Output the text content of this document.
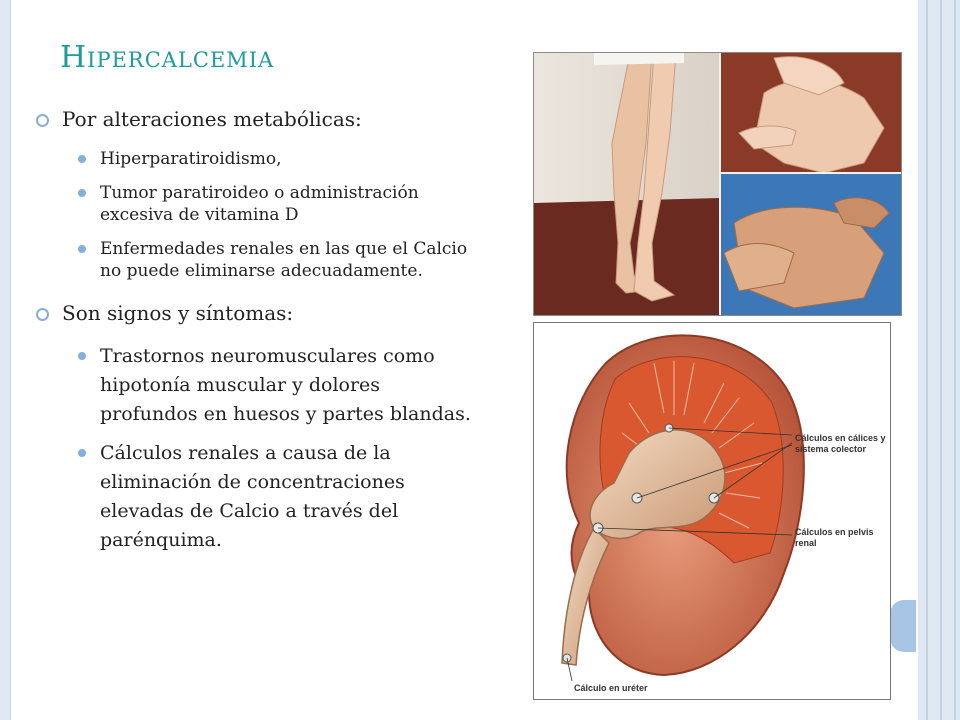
Hipercalcemia
Por alteraciones metabólicas:
Hiperparatiroidismo,
Tumor paratiroideo o administración excesiva de vitamina D
Enfermedades renales en las que el Calcio no puede eliminarse adecuadamente.
Son signos y síntomas:
Trastornos neuromusculares como hipotonía muscular y dolores profundos en huesos y partes blandas.
Cálculos renales a causa de la eliminación de concentraciones elevadas de Calcio a través del parénquima.
Cálculos en cálices y sistema colector
Cálculos en pelvis renal
Cálculo en uréter
